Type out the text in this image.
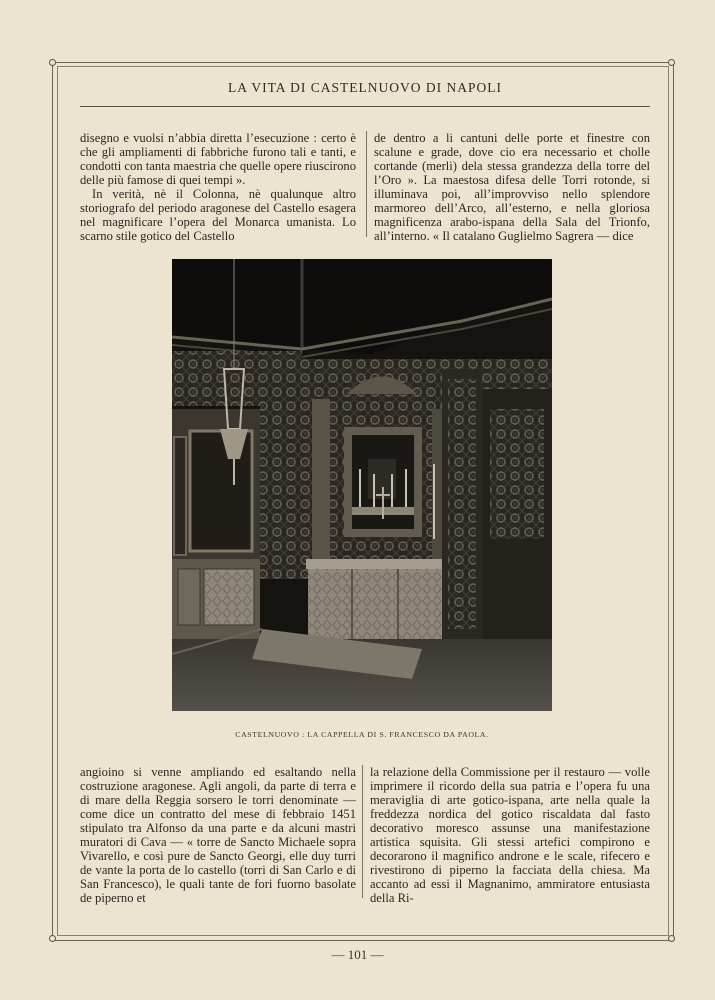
LA VITA DI CASTELNUOVO DI NAPOLI

disegno e vuolsi n’abbia diretta l’esecuzione : certo è che gli ampliamenti di fabbriche furono tali e tanti, e condotti con tanta maestria che quelle opere riuscirono delle più famose di quei tempi ».

In verità, nè il Colonna, nè qualunque altro storiografo del periodo aragonese del Castello esagera nel magnificare l’opera del Monarca umanista. Lo scarno stile gotico del Castello

de dentro a li cantuni delle porte et finestre con scalune e grade, dove cio era necessario et cholle cortande (merli) dela stessa grandezza della torre del l’Oro ». La maestosa difesa delle Torri rotonde, si illuminava poi, all’improvviso nello splendore marmoreo dell’Arco, all’esterno, e nella gloriosa magnificenza arabo-ispana della Sala del Trionfo, all’interno. « Il catalano Guglielmo Sagrera — dice

CASTELNUOVO : LA CAPPELLA DI S. FRANCESCO DA PAOLA.

angioino si venne ampliando ed esaltando nella costruzione aragonese. Agli angoli, da parte di terra e di mare della Reggia sorsero le torri denominate — come dice un contratto del mese di febbraio 1451 stipulato tra Alfonso da una parte e da alcuni mastri muratori di Cava — « torre de Sancto Michaele sopra Vivarello, e così pure de Sancto Georgi, elle duy turri de vante la porta de lo castello (torri di San Carlo e di San Francesco), le quali tante de fori fuorno basolate de piperno et

la relazione della Commissione per il restauro — volle imprimere il ricordo della sua patria e l’opera fu una meraviglia di arte gotico-ispana, arte nella quale la freddezza nordica del gotico riscaldata dal fasto decorativo moresco assunse una manifestazione artistica squisita. Gli stessi artefici compirono e decorarono il magnifico androne e le scale, rifecero e rivestirono di piperno la facciata della chiesa. Ma accanto ad essi il Magnanimo, ammiratore entusiasta della Ri-

— 101 —
